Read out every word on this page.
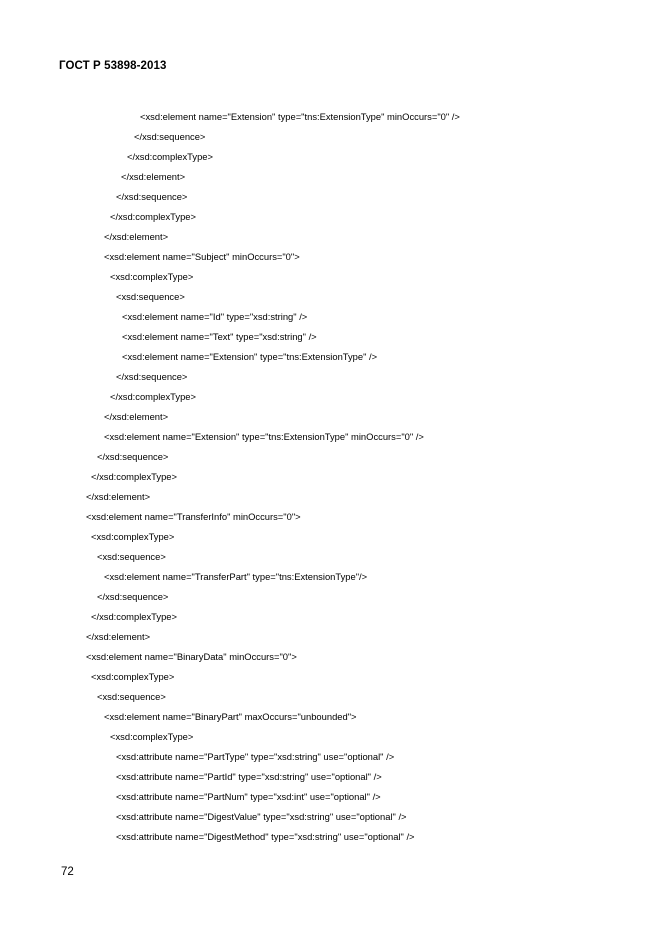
ГОСТ Р 53898-2013
<xsd:element name="Extension" type="tns:ExtensionType" minOccurs="0" />
</xsd:sequence>
</xsd:complexType>
</xsd:element>
</xsd:sequence>
</xsd:complexType>
</xsd:element>
<xsd:element name="Subject" minOccurs="0">
<xsd:complexType>
<xsd:sequence>
<xsd:element name="Id" type="xsd:string" />
<xsd:element name="Text" type="xsd:string" />
<xsd:element name="Extension" type="tns:ExtensionType" />
</xsd:sequence>
</xsd:complexType>
</xsd:element>
<xsd:element name="Extension" type="tns:ExtensionType" minOccurs="0" />
</xsd:sequence>
</xsd:complexType>
</xsd:element>
<xsd:element name="TransferInfo" minOccurs="0">
<xsd:complexType>
<xsd:sequence>
<xsd:element name="TransferPart" type="tns:ExtensionType"/>
</xsd:sequence>
</xsd:complexType>
</xsd:element>
<xsd:element name="BinaryData" minOccurs="0">
<xsd:complexType>
<xsd:sequence>
<xsd:element name="BinaryPart" maxOccurs="unbounded">
<xsd:complexType>
<xsd:attribute name="PartType" type="xsd:string" use="optional" />
<xsd:attribute name="PartId" type="xsd:string" use="optional" />
<xsd:attribute name="PartNum" type="xsd:int" use="optional" />
<xsd:attribute name="DigestValue" type="xsd:string" use="optional" />
<xsd:attribute name="DigestMethod" type="xsd:string" use="optional" />
72
